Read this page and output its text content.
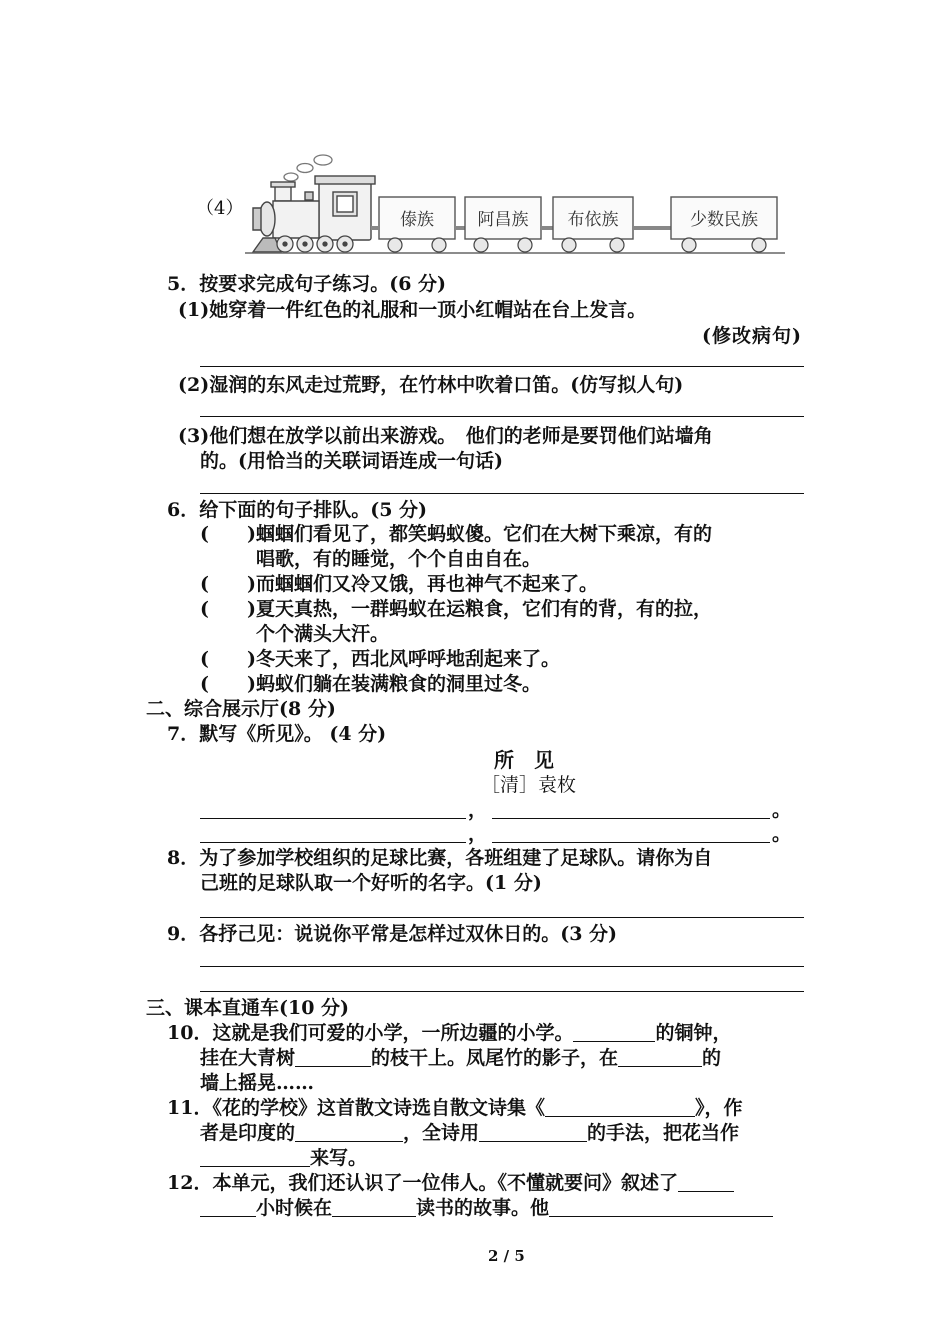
（4）
傣族	阿昌族 布依族	少数民族
5．按要求完成句子练习。(6 分)
(1)她穿着一件红色的礼服和一顶小红帽站在台上发言。
(修改病句)
(2)湿润的东风走过荒野，在竹林中吹着口笛。(仿写拟人句)
(3)他们想在放学以前出来游戏。　他们的老师是要罚他们站墙角
的。(用恰当的关联词语连成一句话)
6．给下面的句子排队。(5 分)
(　　) 蝈蝈们看见了，都笑蚂蚁傻。它们在大树下乘凉，有的
唱歌，有的睡觉，个个自由自在。
(　　) 而蝈蝈们又冷又饿，再也神气不起来了。
(　　) 夏天真热，一群蚂蚁在运粮食，它们有的背，有的拉，
个个满头大汗。
(　　) 冬天来了，西北风呼呼地刮起来了。
(　　) 蚂蚁们躺在装满粮食的洞里过冬。
二、综合展示厅(8 分)
7．默写《所见》。 (4 分)
所　见
［清］袁枚
，	。
，	。
8．为了参加学校组织的足球比赛，各班组建了足球队。请你为自
己班的足球队取一个好听的名字。(1 分)
9．各抒己见：说说你平常是怎样过双休日的。(3 分)
三、课本直通车(10 分)
10．这就是我们可爱的小学，一所边疆的小学。	的铜钟，
挂在大青树	的枝干上。凤尾竹的影子，在	的
墙上摇晃……
11．《花的学校》这首散文诗选自散文诗集《	》，作
者是印度的	，全诗用	的手法，把花当作
来写。
12．本单元，我们还认识了一位伟人。《不懂就要问》叙述了
小时候在	读书的故事。他
2 / 5
